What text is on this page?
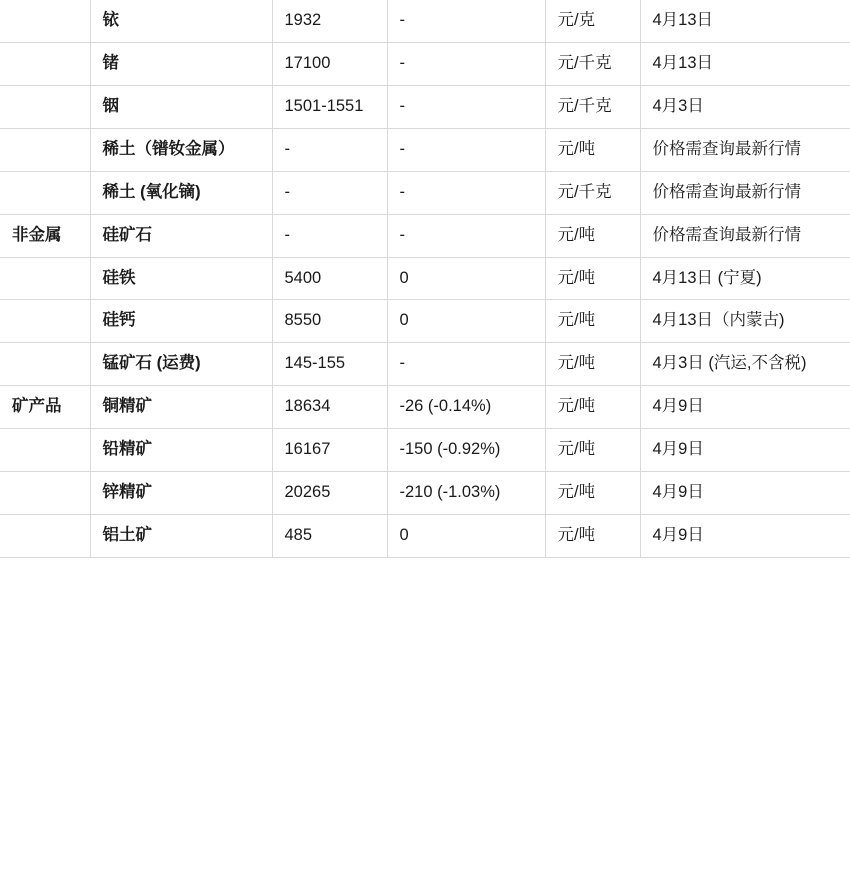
	铱	1932	-	元/克	4月13日
	锗	17100	-	元/千克	4月13日
	铟	1501-1551	-	元/千克	4月3日
	稀土（镨钕金属）	-	-	元/吨	价格需查询最新行情
	稀土 (氧化镝)	-	-	元/千克	价格需查询最新行情
非金属	硅矿石	-	-	元/吨	价格需查询最新行情
	硅铁	5400	0	元/吨	4月13日 (宁夏)
	硅钙	8550	0	元/吨	4月13日（内蒙古)
	锰矿石 (运费)	145-155	-	元/吨	4月3日 (汽运,不含税)
矿产品	铜精矿	18634	-26 (-0.14%)	元/吨	4月9日
	铅精矿	16167	-150 (-0.92%)	元/吨	4月9日
	锌精矿	20265	-210 (-1.03%)	元/吨	4月9日
	铝土矿	485	0	元/吨	4月9日
